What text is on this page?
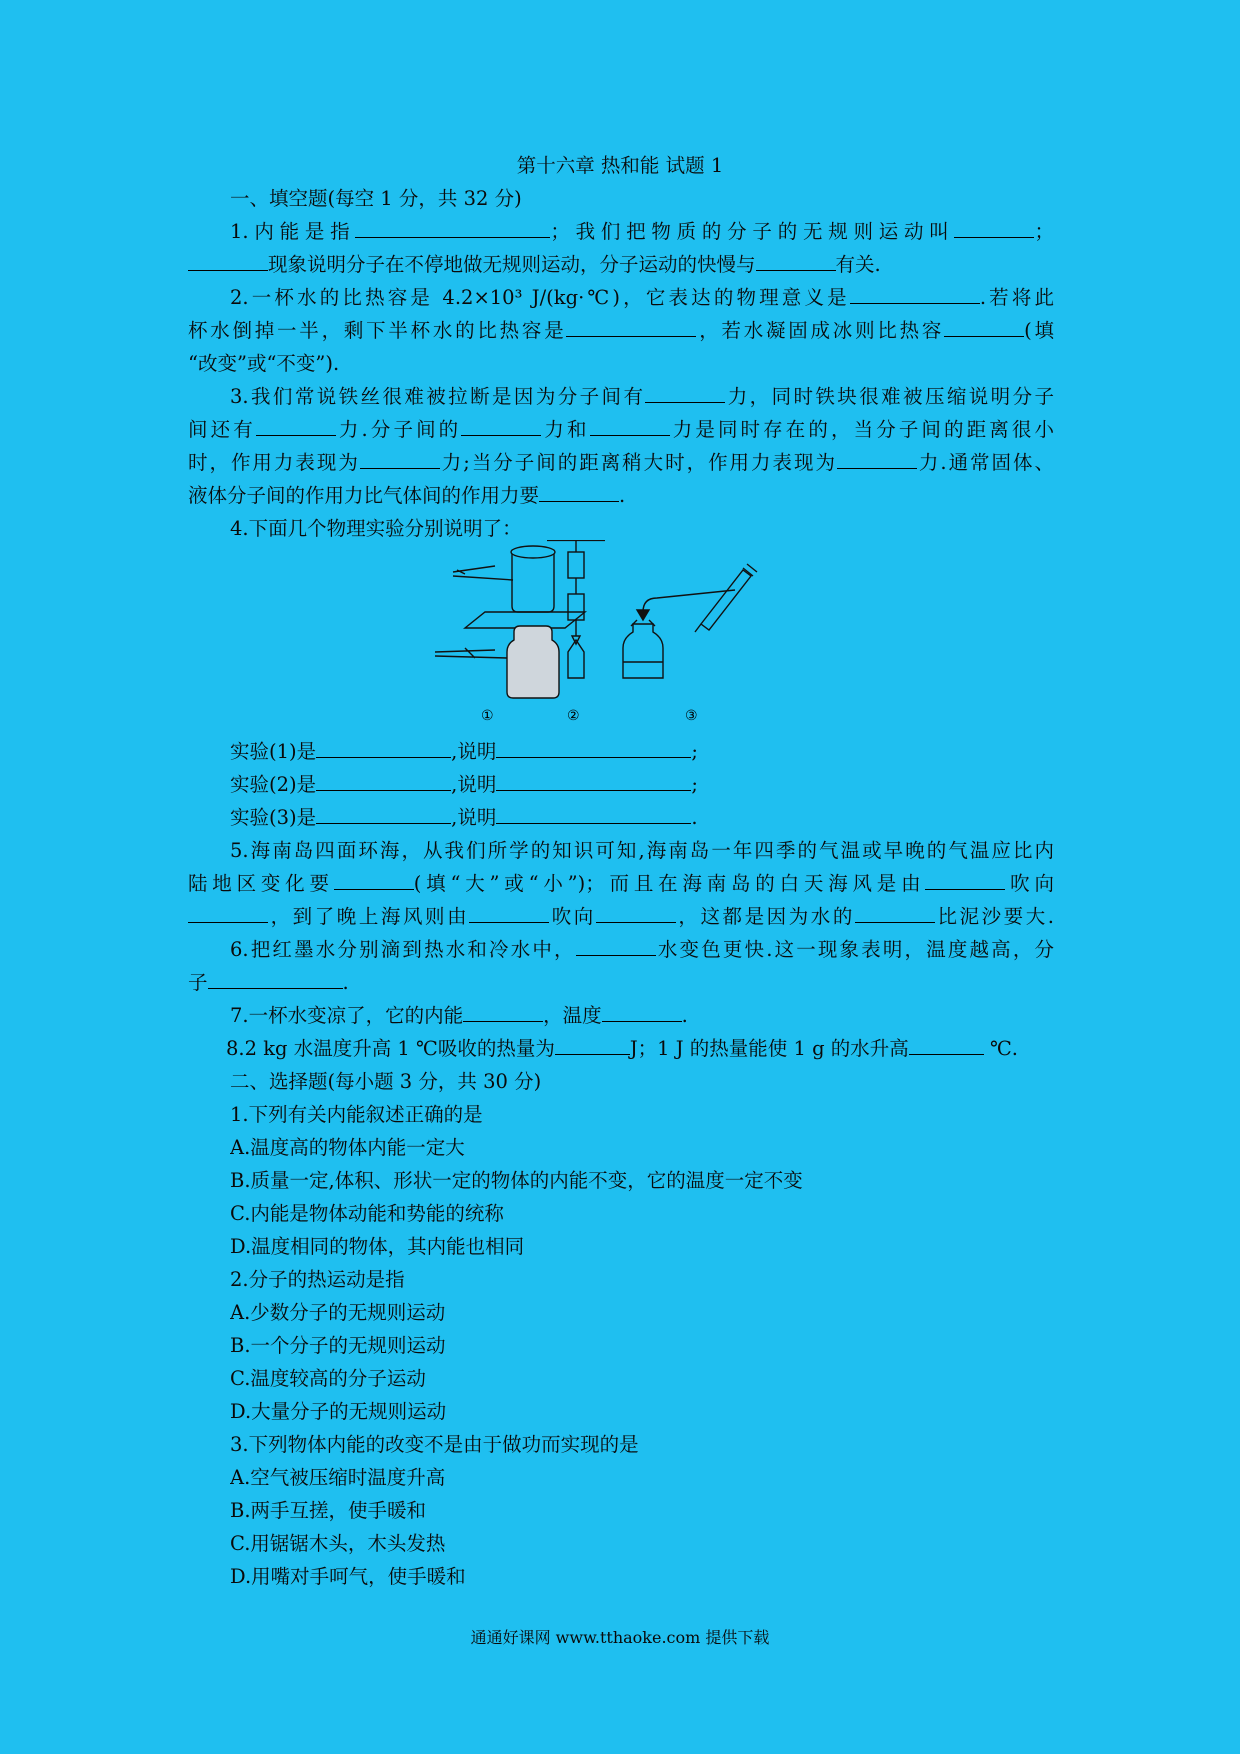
第十六章 热和能 试题 1
一、填空题(每空 1 分，共 32 分)
1.内能是指	；我们把物质的分子的无规则运动叫	；
现象说明分子在不停地做无规则运动，分子运动的快慢与	有关.
2.一杯水的比热容是 4.2×10³ J/(kg·℃)，它表达的物理意义是	.若将此
杯水倒掉一半，剩下半杯水的比热容是	，若水凝固成冰则比热容	(填
“改变”或“不变”).
3.我们常说铁丝很难被拉断是因为分子间有	力，同时铁块很难被压缩说明分子
间还有	力.分子间的	力和	力是同时存在的，当分子间的距离很小
时，作用力表现为	力;当分子间的距离稍大时，作用力表现为	力.通常固体、
液体分子间的作用力比气体间的作用力要	.
4.下面几个物理实验分别说明了：
①	②	③
实验(1)是	,说明	;
实验(2)是	,说明	;
实验(3)是	,说明	.
5.海南岛四面环海，从我们所学的知识可知,海南岛一年四季的气温或早晚的气温应比内
陆地区变化要	(填“大”或“小”)；而且在海南岛的白天海风是由	吹向
，到了晚上海风则由	吹向	，这都是因为水的	比泥沙要大.
6.把红墨水分别滴到热水和冷水中，	水变色更快.这一现象表明，温度越高，分
子	.
7.一杯水变凉了，它的内能	，温度	.
8.2 kg 水温度升高 1 ℃吸收的热量为	J；1 J 的热量能使 1 g 的水升高	℃.
二、选择题(每小题 3 分，共 30 分)
1.下列有关内能叙述正确的是
A.温度高的物体内能一定大
B.质量一定,体积、形状一定的物体的内能不变，它的温度一定不变
C.内能是物体动能和势能的统称
D.温度相同的物体，其内能也相同
2.分子的热运动是指
A.少数分子的无规则运动
B.一个分子的无规则运动
C.温度较高的分子运动
D.大量分子的无规则运动
3.下列物体内能的改变不是由于做功而实现的是
A.空气被压缩时温度升高
B.两手互搓，使手暖和
C.用锯锯木头，木头发热
D.用嘴对手呵气，使手暖和
通通好课网 www.tthaoke.com 提供下载
